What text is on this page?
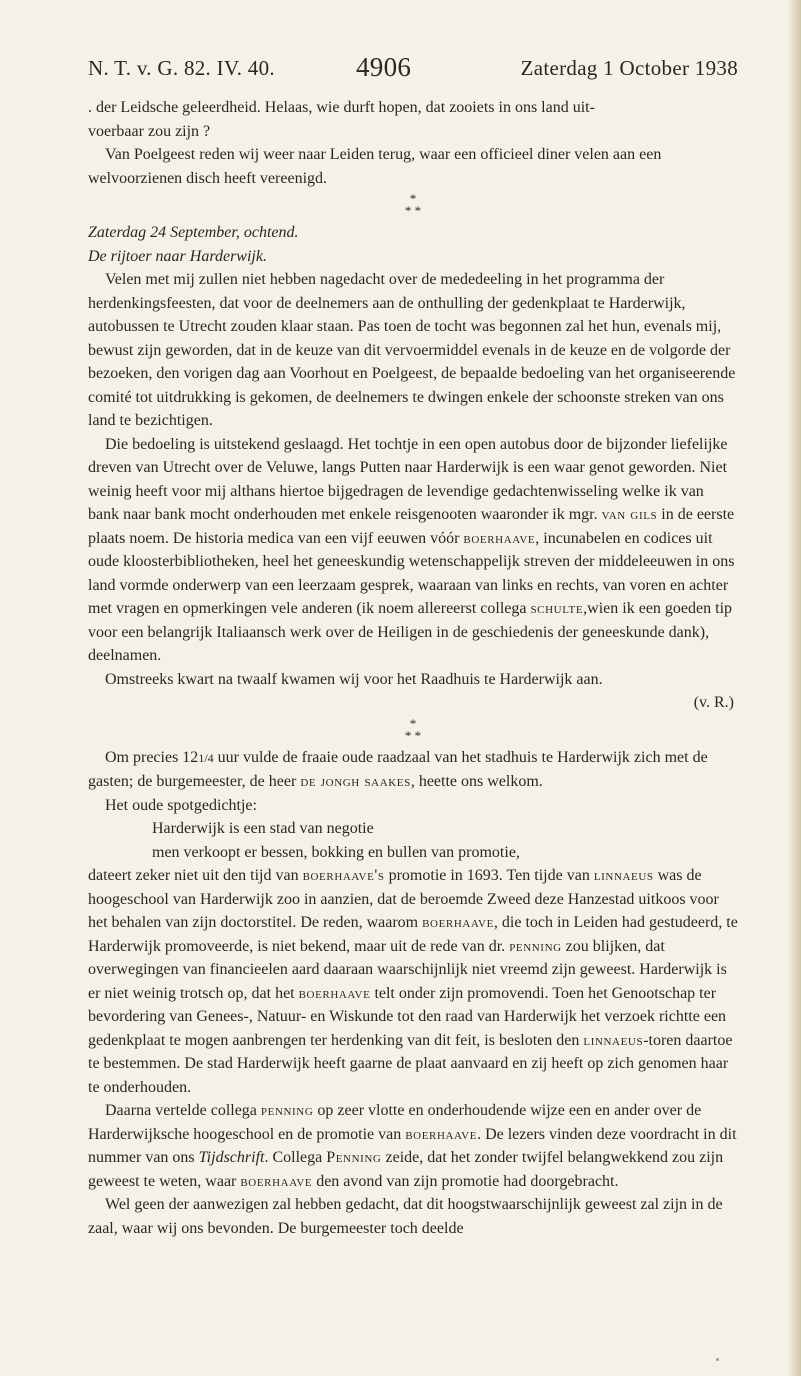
N. T. v. G. 82. IV. 40.	4906	Zaterdag 1 October 1938

. der Leidsche geleerdheid. Helaas, wie durft hopen, dat zooiets in ons land uit-
voerbaar zou zijn ?

Van Poelgeest reden wij weer naar Leiden terug, waar een officieel diner velen aan een welvoorzienen disch heeft vereenigd.

*
* *

Zaterdag 24 September, ochtend.

De rijtoer naar Harderwijk.

Velen met mij zullen niet hebben nagedacht over de mededeeling in het programma der herdenkingsfeesten, dat voor de deelnemers aan de onthulling der gedenkplaat te Harderwijk, autobussen te Utrecht zouden klaar staan. Pas toen de tocht was begonnen zal het hun, evenals mij, bewust zijn geworden, dat in de keuze van dit vervoermiddel evenals in de keuze en de volgorde der bezoeken, den vorigen dag aan Voorhout en Poelgeest, de bepaalde bedoeling van het organiseerende comité tot uitdrukking is gekomen, de deelnemers te dwingen enkele der schoonste streken van ons land te bezichtigen.

Die bedoeling is uitstekend geslaagd. Het tochtje in een open autobus door de bijzonder liefelijke dreven van Utrecht over de Veluwe, langs Putten naar Harderwijk is een waar genot geworden. Niet weinig heeft voor mij althans hiertoe bijgedragen de levendige gedachtenwisseling welke ik van bank naar bank mocht onderhouden met enkele reisgenooten waaronder ik mgr. van gils in de eerste plaats noem. De historia medica van een vijf eeuwen vóór boerhaave, incunabelen en codices uit oude kloosterbibliotheken, heel het geneeskundig wetenschappelijk streven der middeleeuwen in ons land vormde onderwerp van een leerzaam gesprek, waaraan van links en rechts, van voren en achter met vragen en opmerkingen vele anderen (ik noem allereerst collega schulte,wien ik een goeden tip voor een belangrijk Italiaansch werk over de Heiligen in de geschiedenis der geneeskunde dank), deelnamen.

Omstreeks kwart na twaalf kwamen wij voor het Raadhuis te Harderwijk aan.

(v. R.)

*
* *

Om precies 121/4 uur vulde de fraaie oude raadzaal van het stadhuis te Harderwijk zich met de gasten; de burgemeester, de heer de jongh saakes, heette ons welkom.

Het oude spotgedichtje:

Harderwijk is een stad van negotie

men verkoopt er bessen, bokking en bullen van promotie,

dateert zeker niet uit den tijd van boerhaave's promotie in 1693. Ten tijde van linnaeus was de hoogeschool van Harderwijk zoo in aanzien, dat de beroemde Zweed deze Hanzestad uitkoos voor het behalen van zijn doctorstitel. De reden, waarom boerhaave, die toch in Leiden had gestudeerd, te Harderwijk promoveerde, is niet bekend, maar uit de rede van dr. penning zou blijken, dat overwegingen van financieelen aard daaraan waarschijnlijk niet vreemd zijn geweest. Harderwijk is er niet weinig trotsch op, dat het boerhaave telt onder zijn promovendi. Toen het Genootschap ter bevordering van Genees-, Natuur- en Wiskunde tot den raad van Harderwijk het verzoek richtte een gedenkplaat te mogen aanbrengen ter herdenking van dit feit, is besloten den linnaeus-toren daartoe te bestemmen. De stad Harderwijk heeft gaarne de plaat aanvaard en zij heeft op zich genomen haar te onderhouden.

Daarna vertelde collega penning op zeer vlotte en onderhoudende wijze een en ander over de Harderwijksche hoogeschool en de promotie van boerhaave. De lezers vinden deze voordracht in dit nummer van ons Tijdschrift. Collega Penning zeide, dat het zonder twijfel belangwekkend zou zijn geweest te weten, waar boerhaave den avond van zijn promotie had doorgebracht.

Wel geen der aanwezigen zal hebben gedacht, dat dit hoogstwaarschijnlijk geweest zal zijn in de zaal, waar wij ons bevonden. De burgemeester toch deelde
